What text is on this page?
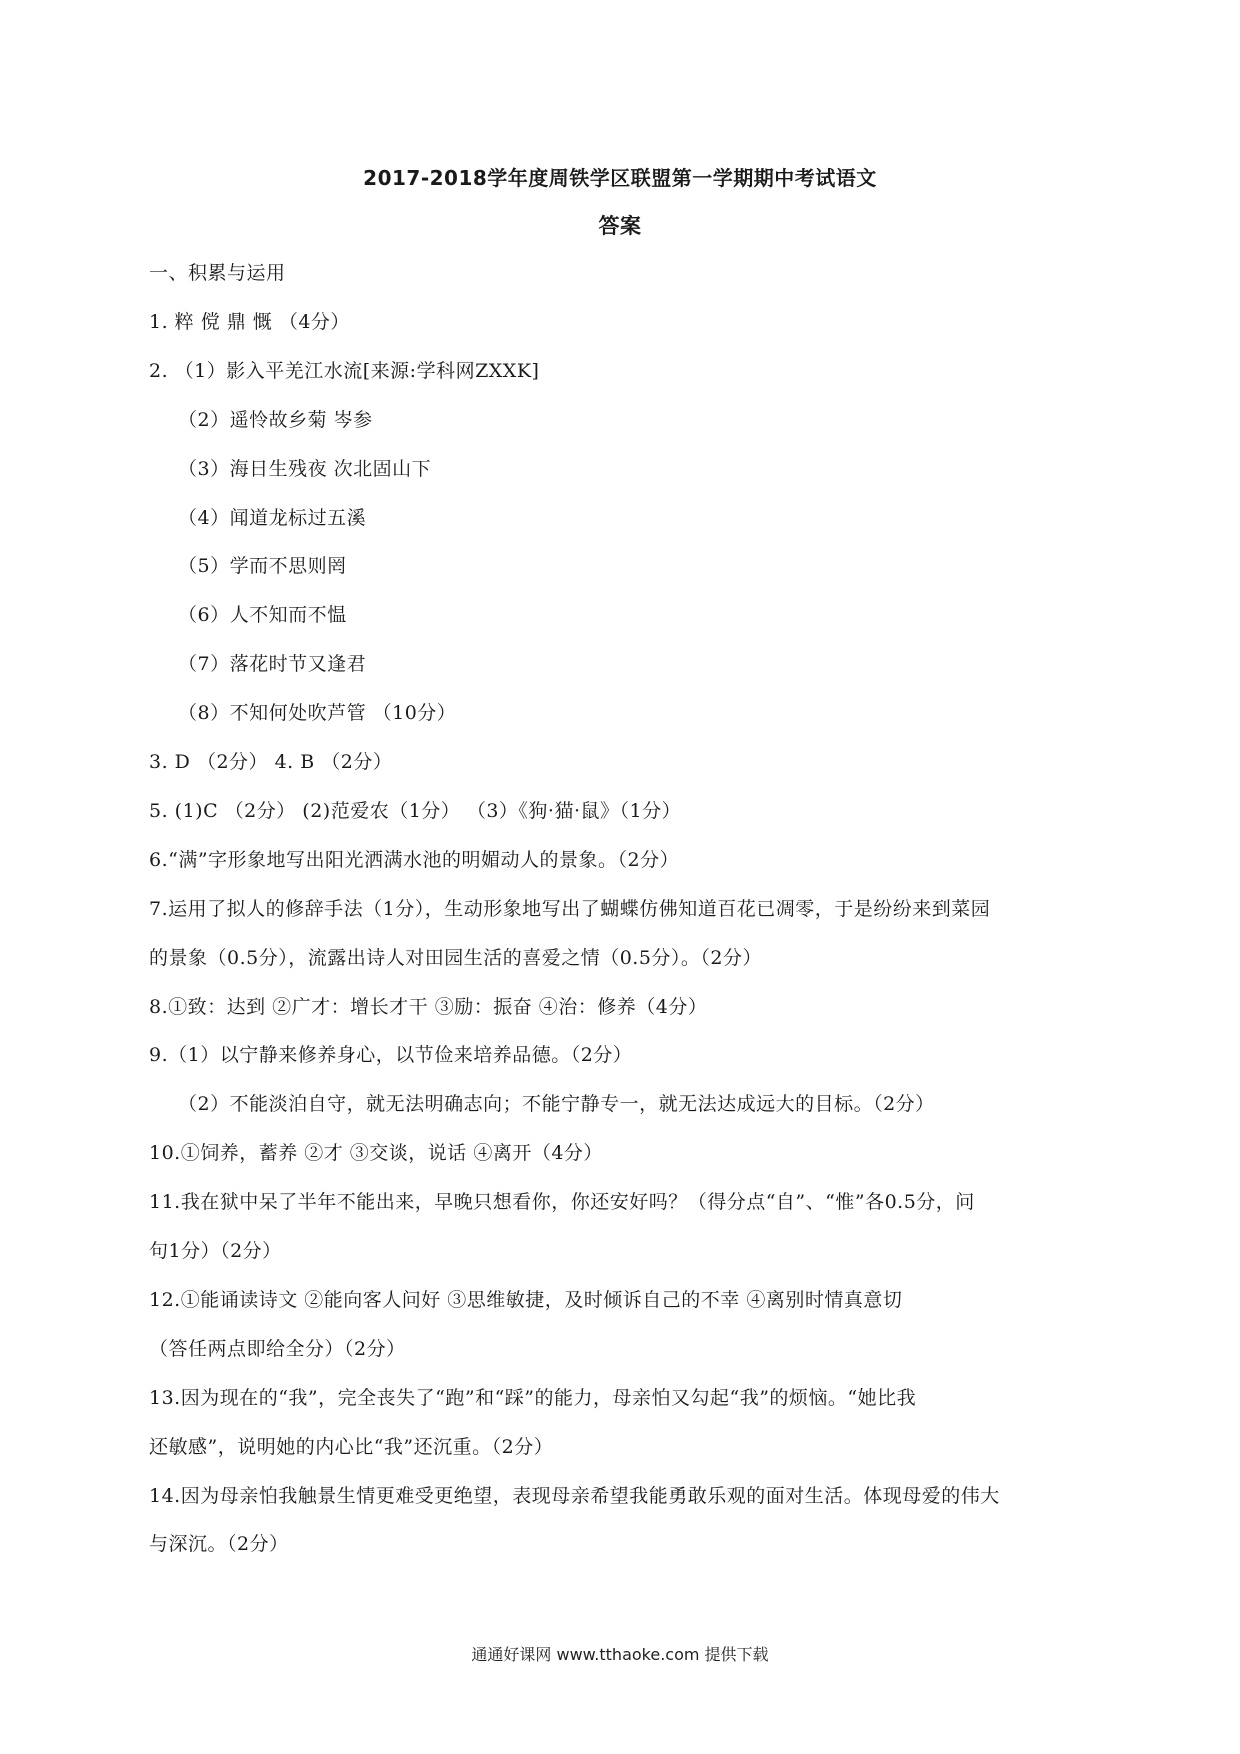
2017-2018学年度周铁学区联盟第一学期期中考试语文
答案
一、积累与运用
1. 粹 傥 鼎 慨 （4分）
2. （1）影入平羌江水流[来源:学科网ZXXK]
（2）遥怜故乡菊 岑参
（3）海日生残夜 次北固山下
（4）闻道龙标过五溪
（5）学而不思则罔
（6）人不知而不愠
（7）落花时节又逢君
（8）不知何处吹芦管 （10分）
3. D （2分） 4. B （2分）
5. (1)C （2分） (2)范爱农（1分） （3）《狗·猫·鼠》（1分）
6.“满”字形象地写出阳光洒满水池的明媚动人的景象。（2分）
7.运用了拟人的修辞手法（1分），生动形象地写出了蝴蝶仿佛知道百花已凋零，于是纷纷来到菜园
的景象（0.5分），流露出诗人对田园生活的喜爱之情（0.5分）。（2分）
8.①致：达到 ②广才：增长才干 ③励：振奋 ④治：修养（4分）
9.（1）以宁静来修养身心，以节俭来培养品德。（2分）
（2）不能淡泊自守，就无法明确志向；不能宁静专一，就无法达成远大的目标。（2分）
10.①饲养，蓄养 ②才 ③交谈，说话 ④离开（4分）
11.我在狱中呆了半年不能出来，早晚只想看你，你还安好吗？（得分点“自”、“惟”各0.5分，问
句1分）（2分）
12.①能诵读诗文 ②能向客人问好 ③思维敏捷，及时倾诉自己的不幸 ④离别时情真意切
（答任两点即给全分）（2分）
13.因为现在的“我”，完全丧失了“跑”和“踩”的能力，母亲怕又勾起“我”的烦恼。“她比我
还敏感”，说明她的内心比“我”还沉重。（2分）
14.因为母亲怕我触景生情更难受更绝望，表现母亲希望我能勇敢乐观的面对生活。体现母爱的伟大
与深沉。（2分）
通通好课网 www.tthaoke.com 提供下载
